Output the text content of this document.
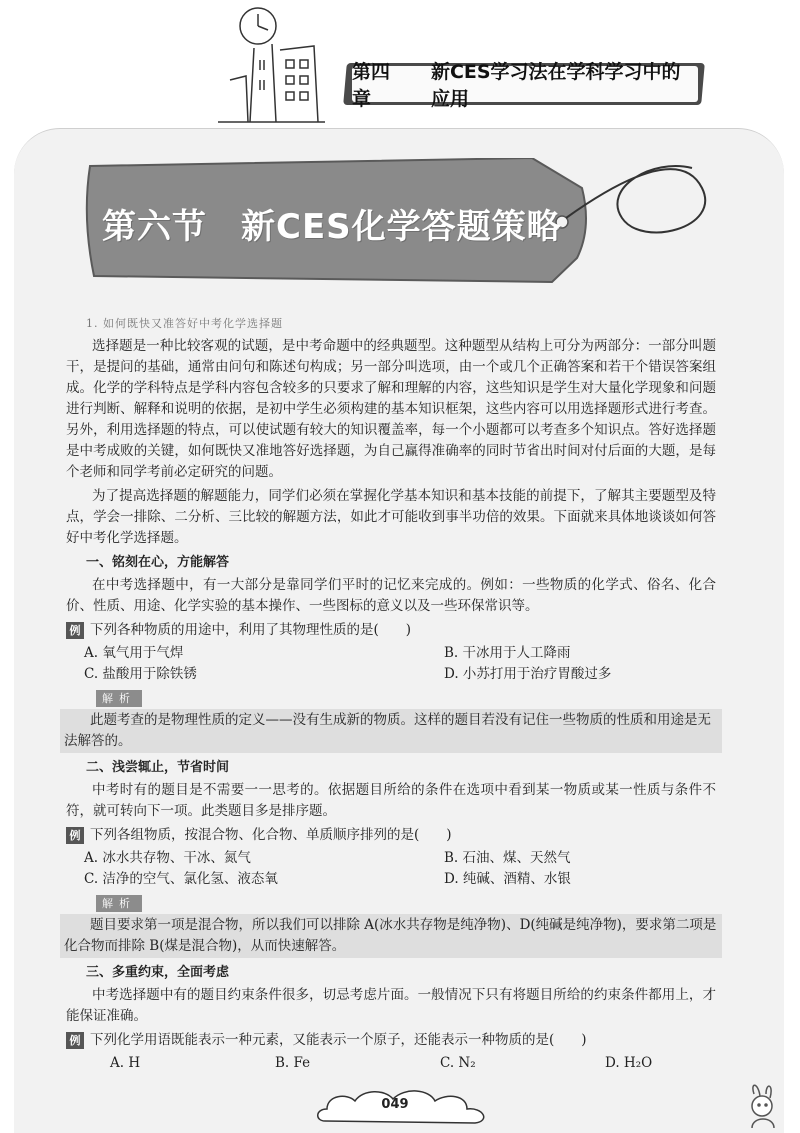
第四章
新CES学习法在学科学习中的应用
第六节 新CES化学答题策略
1. 如何既快又准答好中考化学选择题

选择题是一种比较客观的试题，是中考命题中的经典题型。这种题型从结构上可分为两部分：一部分叫题干，是提问的基础，通常由问句和陈述句构成；另一部分叫选项，由一个或几个正确答案和若干个错误答案组成。化学的学科特点是学科内容包含较多的只要求了解和理解的内容，这些知识是学生对大量化学现象和问题进行判断、解释和说明的依据，是初中学生必须构建的基本知识框架，这些内容可以用选择题形式进行考查。另外，利用选择题的特点，可以使试题有较大的知识覆盖率，每一个小题都可以考查多个知识点。答好选择题是中考成败的关键，如何既快又准地答好选择题，为自己赢得准确率的同时节省出时间对付后面的大题，是每个老师和同学考前必定研究的问题。

为了提高选择题的解题能力，同学们必须在掌握化学基本知识和基本技能的前提下，了解其主要题型及特点，学会一排除、二分析、三比较的解题方法，如此才可能收到事半功倍的效果。下面就来具体地谈谈如何答好中考化学选择题。

一、铭刻在心，方能解答

在中考选择题中，有一大部分是靠同学们平时的记忆来完成的。例如：一些物质的化学式、俗名、化合价、性质、用途、化学实验的基本操作、一些图标的意义以及一些环保常识等。

例 下列各种物质的用途中，利用了其物理性质的是(　　)
A. 氧气用于气焊	B. 干冰用于人工降雨
C. 盐酸用于除铁锈	D. 小苏打用于治疗胃酸过多
解析

此题考查的是物理性质的定义——没有生成新的物质。这样的题目若没有记住一些物质的性质和用途是无法解答的。

二、浅尝辄止，节省时间

中考时有的题目是不需要一一思考的。依据题目所给的条件在选项中看到某一物质或某一性质与条件不符，就可转向下一项。此类题目多是排序题。

例 下列各组物质，按混合物、化合物、单质顺序排列的是(　　)
A. 冰水共存物、干冰、氮气	B. 石油、煤、天然气
C. 洁净的空气、氯化氢、液态氧	D. 纯碱、酒精、水银
解析

题目要求第一项是混合物，所以我们可以排除 A(冰水共存物是纯净物)、D(纯碱是纯净物)，要求第二项是化合物而排除 B(煤是混合物)，从而快速解答。

三、多重约束，全面考虑

中考选择题中有的题目约束条件很多，切忌考虑片面。一般情况下只有将题目所给的约束条件都用上，才能保证准确。

例 下列化学用语既能表示一种元素，又能表示一个原子，还能表示一种物质的是(　　)
A. H	B. Fe	C. N₂	D. H₂O
049
